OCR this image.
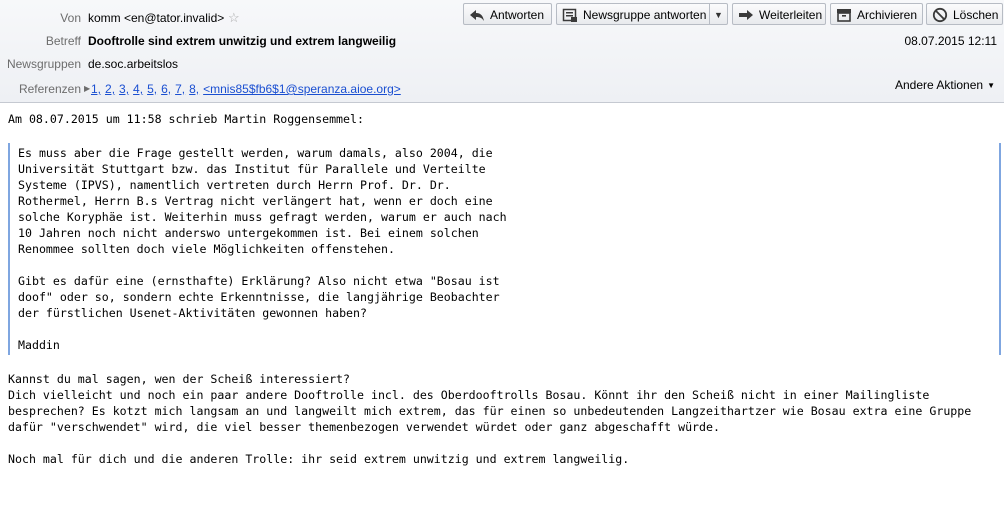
Von komm <en@tator.invalid> ☆
Betreff Dooftrolle sind extrem unwitzig und extrem langweilig	08.07.2015 12:11
Newsgruppen de.soc.arbeitslos
Referenzen ▶ 1, 2, 3, 4, 5, 6, 7, 8, <mnis85$fb6$1@speranza.aioe.org>	Andere Aktionen ▼
Antworten	Newsgruppe antworten ▼	Weiterleiten	Archivieren	Löschen
Am 08.07.2015 um 11:58 schrieb Martin Roggensemmel:
Es muss aber die Frage gestellt werden, warum damals, also 2004, die
Universität Stuttgart bzw. das Institut für Parallele und Verteilte
Systeme (IPVS), namentlich vertreten durch Herrn Prof. Dr. Dr.
Rothermel, Herrn B.s Vertrag nicht verlängert hat, wenn er doch eine
solche Koryphäe ist. Weiterhin muss gefragt werden, warum er auch nach
10 Jahren noch nicht anderswo untergekommen ist. Bei einem solchen
Renommee sollten doch viele Möglichkeiten offenstehen.
Gibt es dafür eine (ernsthafte) Erklärung? Also nicht etwa "Bosau ist
doof" oder so, sondern echte Erkenntnisse, die langjährige Beobachter
der fürstlichen Usenet-Aktivitäten gewonnen haben?
Maddin
Kannst du mal sagen, wen der Scheiß interessiert?
Dich vielleicht und noch ein paar andere Dooftrolle incl. des Oberdooftrolls Bosau. Könnt ihr den Scheiß nicht in einer Mailingliste
besprechen? Es kotzt mich langsam an und langweilt mich extrem, das für einen so unbedeutenden Langzeithartzer wie Bosau extra eine Gruppe
dafür "verschwendet" wird, die viel besser themenbezogen verwendet würdet oder ganz abgeschafft würde.
Noch mal für dich und die anderen Trolle: ihr seid extrem unwitzig und extrem langweilig.
